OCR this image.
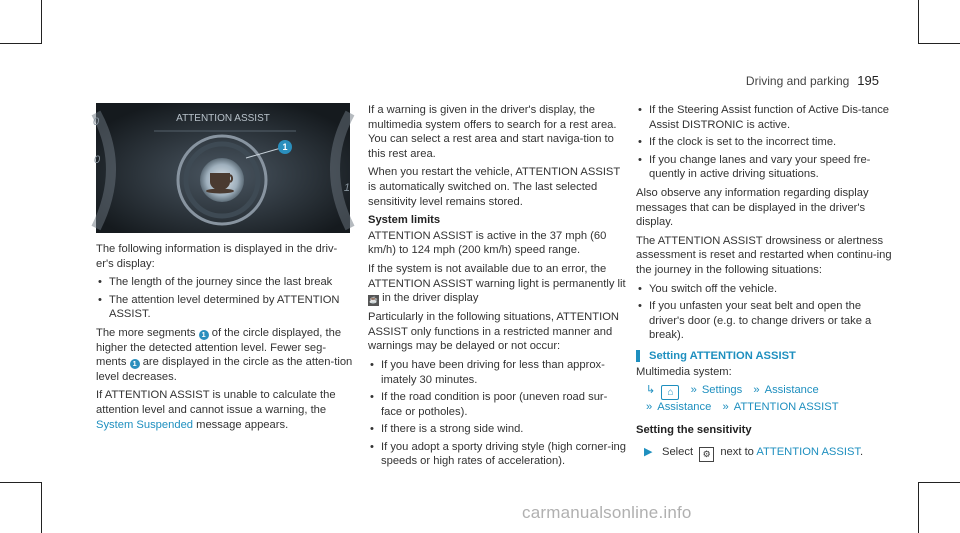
Driving and parking 195
ATTENTION ASSIST
0
0
1
1

The following information is displayed in the driv-er's display:

• The length of the journey since the last break
• The attention level determined by ATTENTION ASSIST.

The more segments 1 of the circle displayed, the higher the detected attention level. Fewer seg-ments 1 are displayed in the circle as the atten-tion level decreases.

If ATTENTION ASSIST is unable to calculate the attention level and cannot issue a warning, the System Suspended message appears.

If a warning is given in the driver's display, the multimedia system offers to search for a rest area. You can select a rest area and start naviga-tion to this rest area.

When you restart the vehicle, ATTENTION ASSIST is automatically switched on. The last selected sensitivity level remains stored.

System limits

ATTENTION ASSIST is active in the 37 mph (60 km/h) to 124 mph (200 km/h) speed range.

If the system is not available due to an error, the ATTENTION ASSIST warning light is permanently lit ☕ in the driver display

Particularly in the following situations, ATTENTION ASSIST only functions in a restricted manner and warnings may be delayed or not occur:

• If you have been driving for less than approx-imately 30 minutes.
• If the road condition is poor (uneven road sur-face or potholes).
• If there is a strong side wind.
• If you adopt a sporty driving style (high corner-ing speeds or high rates of acceleration).
• If the Steering Assist function of Active Dis-tance Assist DISTRONIC is active.
• If the clock is set to the incorrect time.
• If you change lanes and vary your speed fre-quently in active driving situations.

Also observe any information regarding display messages that can be displayed in the driver's display.

The ATTENTION ASSIST drowsiness or alertness assessment is reset and restarted when continu-ing the journey in the following situations:

• You switch off the vehicle.
• If you unfasten your seat belt and open the driver's door (e.g. to change drivers or take a break).
Setting ATTENTION ASSIST

Multimedia system:

↳ ⌂ » Settings » Assistance

» Assistance » ATTENTION ASSIST

Setting the sensitivity
▶ Select ⚙ next to ATTENTION ASSIST.
carmanualsonline.info
